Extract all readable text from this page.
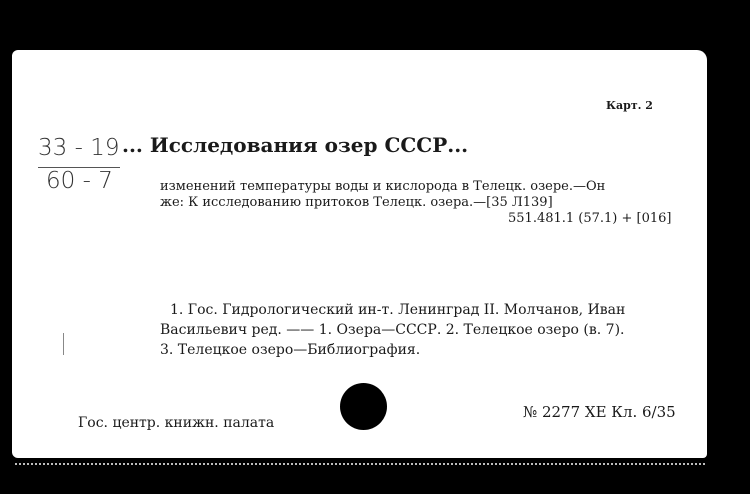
Карт. 2
33 - 19
60 - 7
... Исследования озер СССР...
изменений температуры воды и кислорода в Телецк. озере.—Он
же: К исследованию притоков Телецк. озера.—[35 Л139]
551.481.1 (57.1) + [016]
1. Гос. Гидрологический ин-т. Ленинград II. Молчанов, Иван
Васильевич ред. —— 1. Озера—СССР. 2. Телецкое озеро (в. 7).
3. Телецкое озеро—Библиография.
Гос. центр. книжн. палата
№ 2277 ХЕ Кл. 6/35
